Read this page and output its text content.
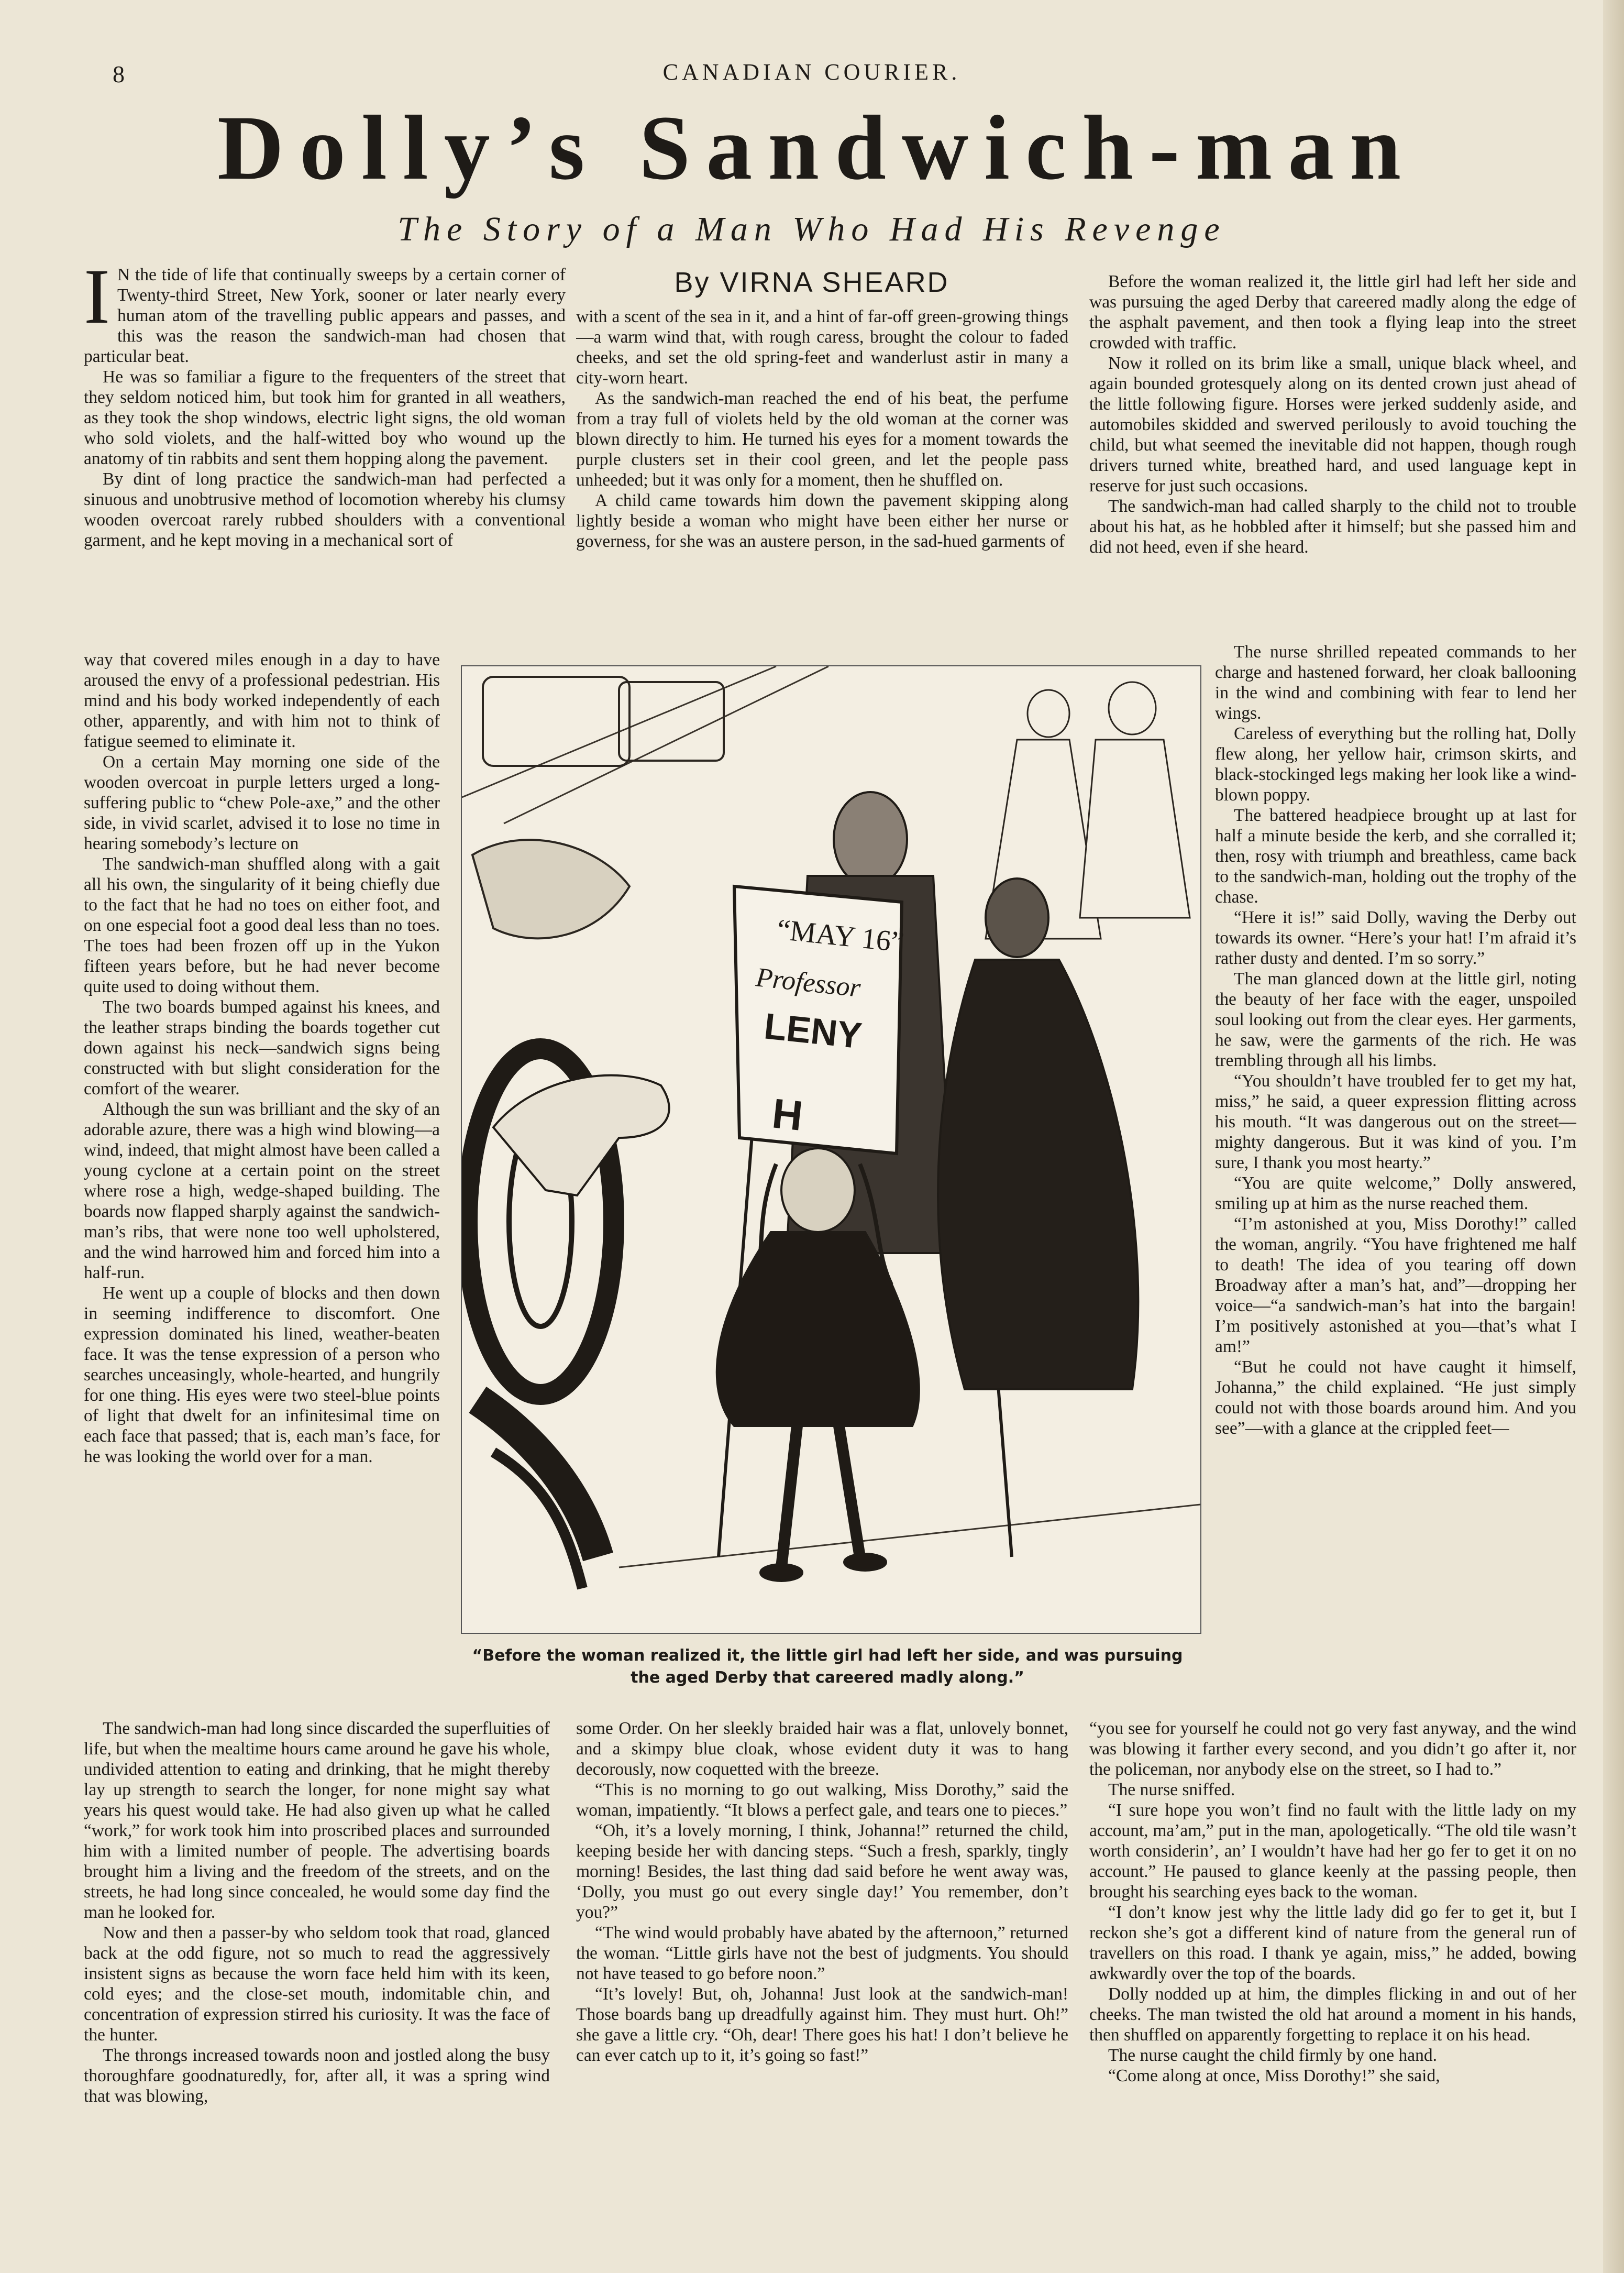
8	CANADIAN COURIER.
Dolly’s Sandwich-man
The Story of a Man Who Had His Revenge
By VIRNA SHEARD

I N the tide of life that continually sweeps by a certain corner of Twenty-third Street, New York, sooner or later nearly every human atom of the travelling public appears and passes, and this was the reason the sandwich-man had chosen that particular beat.

He was so familiar a figure to the frequenters of the street that they seldom noticed him, but took him for granted in all weathers, as they took the shop windows, electric light signs, the old woman who sold violets, and the half-witted boy who wound up the anatomy of tin rabbits and sent them hopping along the pavement.

By dint of long practice the sandwich-man had perfected a sinuous and unobtrusive method of locomotion whereby his clumsy wooden overcoat rarely rubbed shoulders with a conventional garment, and he kept moving in a mechanical sort of

way that covered miles enough in a day to have aroused the envy of a professional pedestrian. His mind and his body worked independently of each other, apparently, and with him not to think of fatigue seemed to eliminate it.

On a certain May morning one side of the wooden overcoat in purple letters urged a long-suffering public to “chew Pole-axe,” and the other side, in vivid scarlet, advised it to lose no time in hearing somebody’s lecture on

The sandwich-man shuffled along with a gait all his own, the singularity of it being chiefly due to the fact that he had no toes on either foot, and on one especial foot a good deal less than no toes. The toes had been frozen off up in the Yukon fifteen years before, but he had never become quite used to doing without them.

The two boards bumped against his knees, and the leather straps binding the boards together cut down against his neck—sandwich signs being constructed with but slight consideration for the comfort of the wearer.

Although the sun was brilliant and the sky of an adorable azure, there was a high wind blowing—a wind, indeed, that might almost have been called a young cyclone at a certain point on the street where rose a high, wedge-shaped building. The boards now flapped sharply against the sandwich-man’s ribs, that were none too well upholstered, and the wind harrowed him and forced him into a half-run.

He went up a couple of blocks and then down in seeming indifference to discomfort. One expression dominated his lined, weather-beaten face. It was the tense expression of a person who searches unceasingly, whole-hearted, and hungrily for one thing. His eyes were two steel-blue points of light that dwelt for an infinitesimal time on each face that passed; that is, each man’s face, for he was looking the world over for a man.

The sandwich-man had long since discarded the superfluities of life, but when the mealtime hours came around he gave his whole, undivided attention to eating and drinking, that he might thereby lay up strength to search the longer, for none might say what years his quest would take. He had also given up what he called “work,” for work took him into proscribed places and surrounded him with a limited number of people. The advertising boards brought him a living and the freedom of the streets, and on the streets, he had long since concealed, he would some day find the man he looked for.

Now and then a passer-by who seldom took that road, glanced back at the odd figure, not so much to read the aggressively insistent signs as because the worn face held him with its keen, cold eyes; and the close-set mouth, indomitable chin, and concentration of expression stirred his curiosity. It was the face of the hunter.

The throngs increased towards noon and jostled along the busy thoroughfare goodnaturedly, for, after all, it was a spring wind that was blowing,

with a scent of the sea in it, and a hint of far-off green-growing things—a warm wind that, with rough caress, brought the colour to faded cheeks, and set the old spring-feet and wanderlust astir in many a city-worn heart.

As the sandwich-man reached the end of his beat, the perfume from a tray full of violets held by the old woman at the corner was blown directly to him. He turned his eyes for a moment towards the purple clusters set in their cool green, and let the people pass unheeded; but it was only for a moment, then he shuffled on.

A child came towards him down the pavement skipping along lightly beside a woman who might have been either her nurse or governess, for she was an austere person, in the sad-hued garments of

some Order. On her sleekly braided hair was a flat, unlovely bonnet, and a skimpy blue cloak, whose evident duty it was to hang decorously, now coquetted with the breeze.

“This is no morning to go out walking, Miss Dorothy,” said the woman, impatiently. “It blows a perfect gale, and tears one to pieces.”

“Oh, it’s a lovely morning, I think, Johanna!” returned the child, keeping beside her with dancing steps. “Such a fresh, sparkly, tingly morning! Besides, the last thing dad said before he went away was, ‘Dolly, you must go out every single day!’ You remember, don’t you?”

“The wind would probably have abated by the afternoon,” returned the woman. “Little girls have not the best of judgments. You should not have teased to go before noon.”

“It’s lovely! But, oh, Johanna! Just look at the sandwich-man! Those boards bang up dreadfully against him. They must hurt. Oh!” she gave a little cry. “Oh, dear! There goes his hat! I don’t believe he can ever catch up to it, it’s going so fast!”

Before the woman realized it, the little girl had left her side and was pursuing the aged Derby that careered madly along the edge of the asphalt pavement, and then took a flying leap into the street crowded with traffic.

Now it rolled on its brim like a small, unique black wheel, and again bounded grotesquely along on its dented crown just ahead of the little following figure. Horses were jerked suddenly aside, and automobiles skidded and swerved perilously to avoid touching the child, but what seemed the inevitable did not happen, though rough drivers turned white, breathed hard, and used language kept in reserve for just such occasions.

The sandwich-man had called sharply to the child not to trouble about his hat, as he hobbled after it himself; but she passed him and did not heed, even if she heard.

The nurse shrilled repeated commands to her charge and hastened forward, her cloak ballooning in the wind and combining with fear to lend her wings.

Careless of everything but the rolling hat, Dolly flew along, her yellow hair, crimson skirts, and black-stockinged legs making her look like a wind-blown poppy.

The battered headpiece brought up at last for half a minute beside the kerb, and she corralled it; then, rosy with triumph and breathless, came back to the sandwich-man, holding out the trophy of the chase.

“Here it is!” said Dolly, waving the Derby out towards its owner. “Here’s your hat! I’m afraid it’s rather dusty and dented. I’m so sorry.”

The man glanced down at the little girl, noting the beauty of her face with the eager, unspoiled soul looking out from the clear eyes. Her garments, he saw, were the garments of the rich. He was trembling through all his limbs.

“You shouldn’t have troubled fer to get my hat, miss,” he said, a queer expression flitting across his mouth. “It was dangerous out on the street—mighty dangerous. But it was kind of you. I’m sure, I thank you most hearty.”

“You are quite welcome,” Dolly answered, smiling up at him as the nurse reached them.

“I’m astonished at you, Miss Dorothy!” called the woman, angrily. “You have frightened me half to death! The idea of you tearing off down Broadway after a man’s hat, and”—dropping her voice—“a sandwich-man’s hat into the bargain! I’m positively astonished at you—that’s what I am!”

“But he could not have caught it himself, Johanna,” the child explained. “He just simply could not with those boards around him. And you see”—with a glance at the crippled feet—

“you see for yourself he could not go very fast anyway, and the wind was blowing it farther every second, and you didn’t go after it, nor the policeman, nor anybody else on the street, so I had to.”

The nurse sniffed.

“I sure hope you won’t find no fault with the little lady on my account, ma’am,” put in the man, apologetically. “The old tile wasn’t worth considerin’, an’ I wouldn’t have had her go fer to get it on no account.” He paused to glance keenly at the passing people, then brought his searching eyes back to the woman.

“I don’t know jest why the little lady did go fer to get it, but I reckon she’s got a different kind of nature from the general run of travellers on this road. I thank ye again, miss,” he added, bowing awkwardly over the top of the boards.

Dolly nodded up at him, the dimples flicking in and out of her cheeks. The man twisted the old hat around a moment in his hands, then shuffled on apparently forgetting to replace it on his head.

The nurse caught the child firmly by one hand.

“Come along at once, Miss Dorothy!” she said,

“MAY 16”
Professor
LENY
H
“Before the woman realized it, the little girl had left her side, and was pursuing
the aged Derby that careered madly along.”
